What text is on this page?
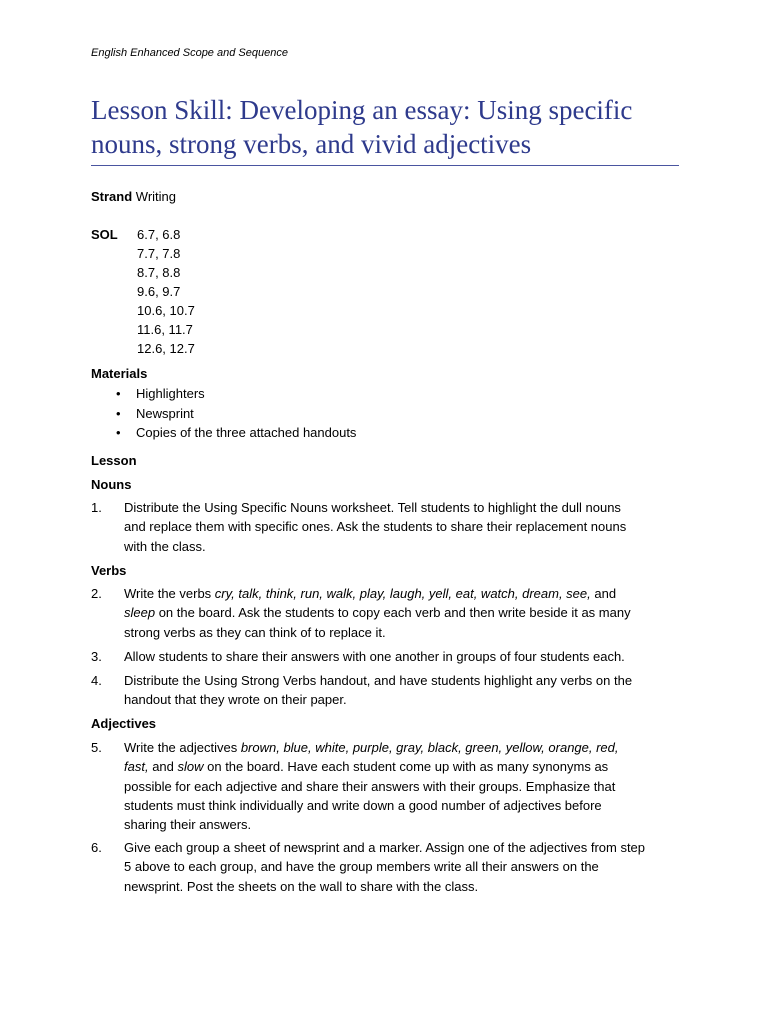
English Enhanced Scope and Sequence
Lesson Skill: Developing an essay: Using specific
nouns, strong verbs, and vivid adjectives
Strand Writing
SOL 6.7, 6.8
7.7, 7.8
8.7, 8.8
9.6, 9.7
10.6, 10.7
11.6, 11.7
12.6, 12.7
Materials
• Highlighters
• Newsprint
• Copies of the three attached handouts
Lesson
Nouns
1. Distribute the Using Specific Nouns worksheet. Tell students to highlight the dull nouns
and replace them with specific ones. Ask the students to share their replacement nouns
with the class.
Verbs
2. Write the verbs cry, talk, think, run, walk, play, laugh, yell, eat, watch, dream, see, and
sleep on the board. Ask the students to copy each verb and then write beside it as many
strong verbs as they can think of to replace it.
3. Allow students to share their answers with one another in groups of four students each.
4. Distribute the Using Strong Verbs handout, and have students highlight any verbs on the
handout that they wrote on their paper.
Adjectives
5. Write the adjectives brown, blue, white, purple, gray, black, green, yellow, orange, red,
fast, and slow on the board. Have each student come up with as many synonyms as
possible for each adjective and share their answers with their groups. Emphasize that
students must think individually and write down a good number of adjectives before
sharing their answers.
6. Give each group a sheet of newsprint and a marker. Assign one of the adjectives from step
5 above to each group, and have the group members write all their answers on the
newsprint. Post the sheets on the wall to share with the class.
